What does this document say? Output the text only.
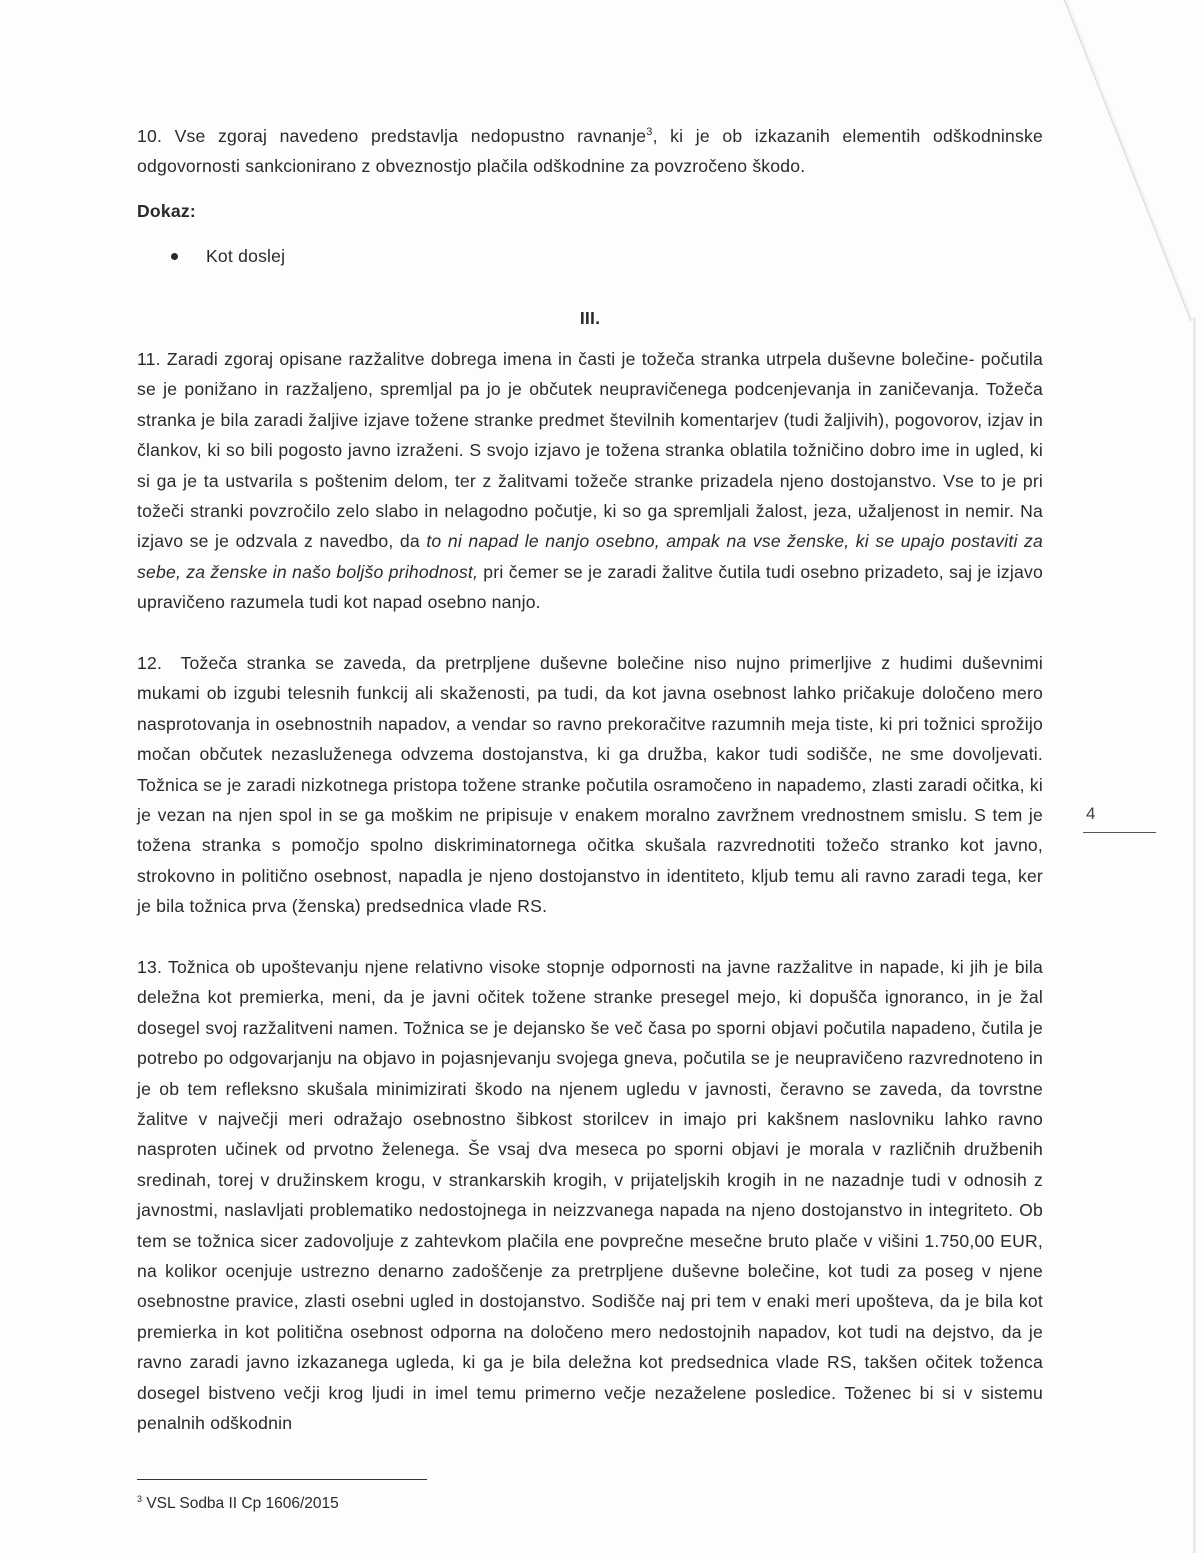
10. Vse zgoraj navedeno predstavlja nedopustno ravnanje$^3$, ki je ob izkazanih elementih odškodninske odgovornosti sankcionirano z obveznostjo plačila odškodnine za povzročeno škodo.

Dokaz:

Kot doslej
III.

11. Zaradi zgoraj opisane razžalitve dobrega imena in časti je tožeča stranka utrpela duševne bolečine- počutila se je ponižano in razžaljeno, spremljal pa jo je občutek neupravičenega podcenjevanja in zaničevanja. Tožeča stranka je bila zaradi žaljive izjave tožene stranke predmet številnih komentarjev (tudi žaljivih), pogovorov, izjav in člankov, ki so bili pogosto javno izraženi. S svojo izjavo je tožena stranka oblatila tožničino dobro ime in ugled, ki si ga je ta ustvarila s poštenim delom, ter z žalitvami tožeče stranke prizadela njeno dostojanstvo. Vse to je pri tožeči stranki povzročilo zelo slabo in nelagodno počutje, ki so ga spremljali žalost, jeza, užaljenost in nemir. Na izjavo se je odzvala z navedbo, da to ni napad le nanjo osebno, ampak na vse ženske, ki se upajo postaviti za sebe, za ženske in našo boljšo prihodnost, pri čemer se je zaradi žalitve čutila tudi osebno prizadeto, saj je izjavo upravičeno razumela tudi kot napad osebno nanjo.

12. Tožeča stranka se zaveda, da pretrpljene duševne bolečine niso nujno primerljive z hudimi duševnimi mukami ob izgubi telesnih funkcij ali skaženosti, pa tudi, da kot javna osebnost lahko pričakuje določeno mero nasprotovanja in osebnostnih napadov, a vendar so ravno prekoračitve razumnih meja tiste, ki pri tožnici sprožijo močan občutek nezasluženega odvzema dostojanstva, ki ga družba, kakor tudi sodišče, ne sme dovoljevati. Tožnica se je zaradi nizkotnega pristopa tožene stranke počutila osramočeno in napademo, zlasti zaradi očitka, ki je vezan na njen spol in se ga moškim ne pripisuje v enakem moralno zavržnem vrednostnem smislu. S tem je tožena stranka s pomočjo spolno diskriminatornega očitka skušala razvrednotiti tožečo stranko kot javno, strokovno in politično osebnost, napadla je njeno dostojanstvo in identiteto, kljub temu ali ravno zaradi tega, ker je bila tožnica prva (ženska) predsednica vlade RS.

13. Tožnica ob upoštevanju njene relativno visoke stopnje odpornosti na javne razžalitve in napade, ki jih je bila deležna kot premierka, meni, da je javni očitek tožene stranke presegel mejo, ki dopušča ignoranco, in je žal dosegel svoj razžalitveni namen. Tožnica se je dejansko še več časa po sporni objavi počutila napadeno, čutila je potrebo po odgovarjanju na objavo in pojasnjevanju svojega gneva, počutila se je neupravičeno razvrednoteno in je ob tem refleksno skušala minimizirati škodo na njenem ugledu v javnosti, čeravno se zaveda, da tovrstne žalitve v največji meri odražajo osebnostno šibkost storilcev in imajo pri kakšnem naslovniku lahko ravno nasproten učinek od prvotno želenega. Še vsaj dva meseca po sporni objavi je morala v različnih družbenih sredinah, torej v družinskem krogu, v strankarskih krogih, v prijateljskih krogih in ne nazadnje tudi v odnosih z javnostmi, naslavljati problematiko nedostojnega in neizzvanega napada na njeno dostojanstvo in integriteto. Ob tem se tožnica sicer zadovoljuje z zahtevkom plačila ene povprečne mesečne bruto plače v višini 1.750,00 EUR, na kolikor ocenjuje ustrezno denarno zadoščenje za pretrpljene duševne bolečine, kot tudi za poseg v njene osebnostne pravice, zlasti osebni ugled in dostojanstvo. Sodišče naj pri tem v enaki meri upošteva, da je bila kot premierka in kot politična osebnost odporna na določeno mero nedostojnih napadov, kot tudi na dejstvo, da je ravno zaradi javno izkazanega ugleda, ki ga je bila deležna kot predsednica vlade RS, takšen očitek toženca dosegel bistveno večji krog ljudi in imel temu primerno večje nezaželene posledice. Toženec bi si v sistemu penalnih odškodnin

4
$^3$ VSL Sodba II Cp 1606/2015
